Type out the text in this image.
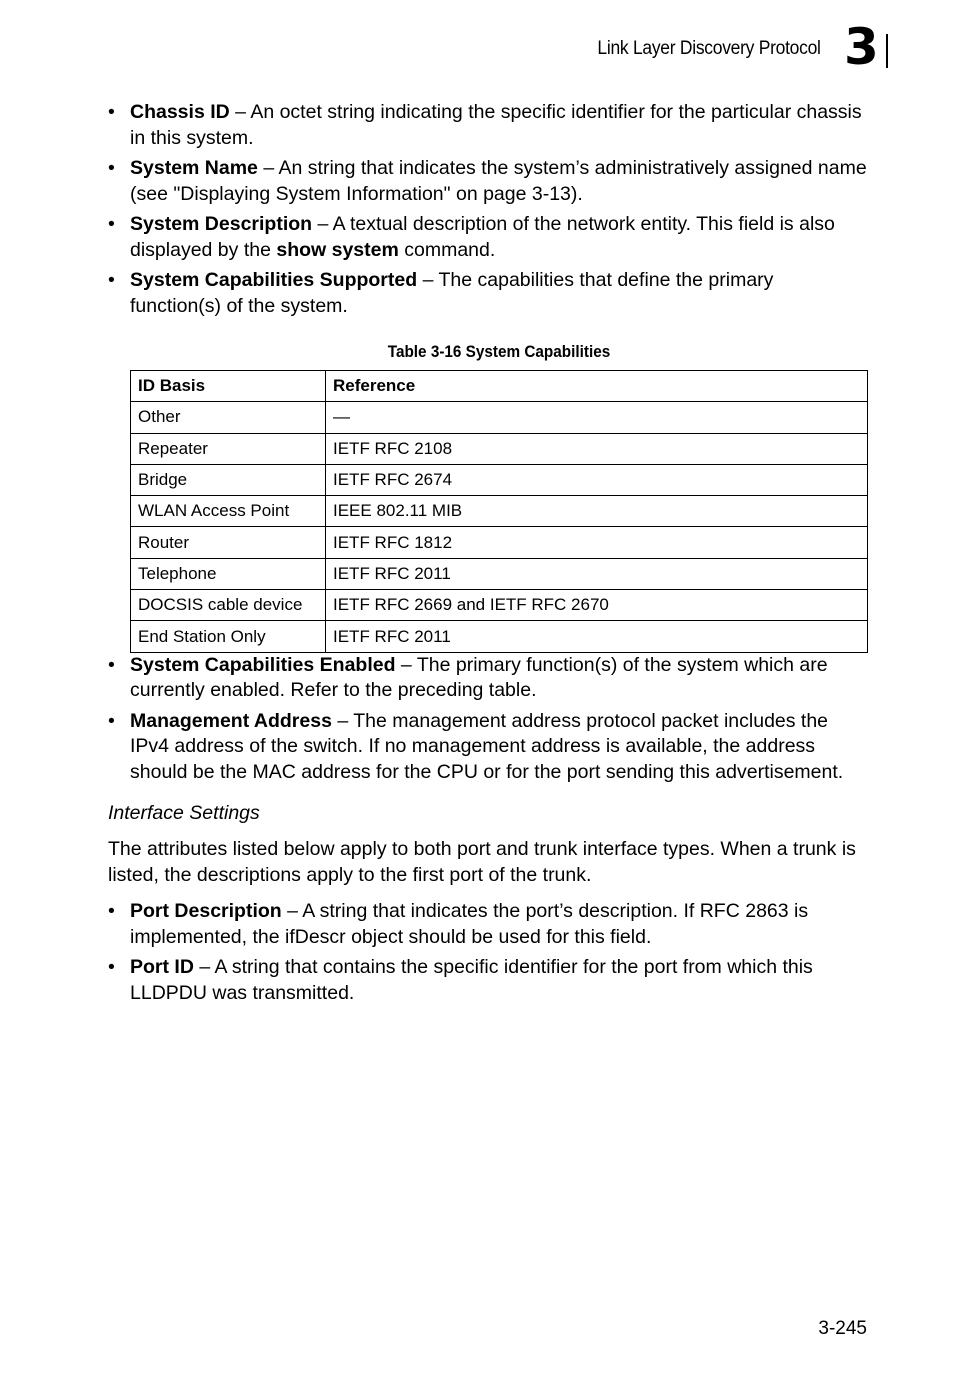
Link Layer Discovery Protocol 3
• Chassis ID – An octet string indicating the specific identifier for the particular chassis in this system.
• System Name – An string that indicates the system’s administratively assigned name (see "Displaying System Information" on page 3-13).
• System Description – A textual description of the network entity. This field is also displayed by the show system command.
• System Capabilities Supported – The capabilities that define the primary function(s) of the system.
Table 3-16 System Capabilities
ID Basis	Reference
Other	—
Repeater	IETF RFC 2108
Bridge	IETF RFC 2674
WLAN Access Point	IEEE 802.11 MIB
Router	IETF RFC 1812
Telephone	IETF RFC 2011
DOCSIS cable device	IETF RFC 2669 and IETF RFC 2670
End Station Only	IETF RFC 2011
• System Capabilities Enabled – The primary function(s) of the system which are currently enabled. Refer to the preceding table.
• Management Address – The management address protocol packet includes the IPv4 address of the switch. If no management address is available, the address should be the MAC address for the CPU or for the port sending this advertisement.
Interface Settings

The attributes listed below apply to both port and trunk interface types. When a trunk is listed, the descriptions apply to the first port of the trunk.

• Port Description – A string that indicates the port’s description. If RFC 2863 is implemented, the ifDescr object should be used for this field.
• Port ID – A string that contains the specific identifier for the port from which this LLDPDU was transmitted.
3-245
